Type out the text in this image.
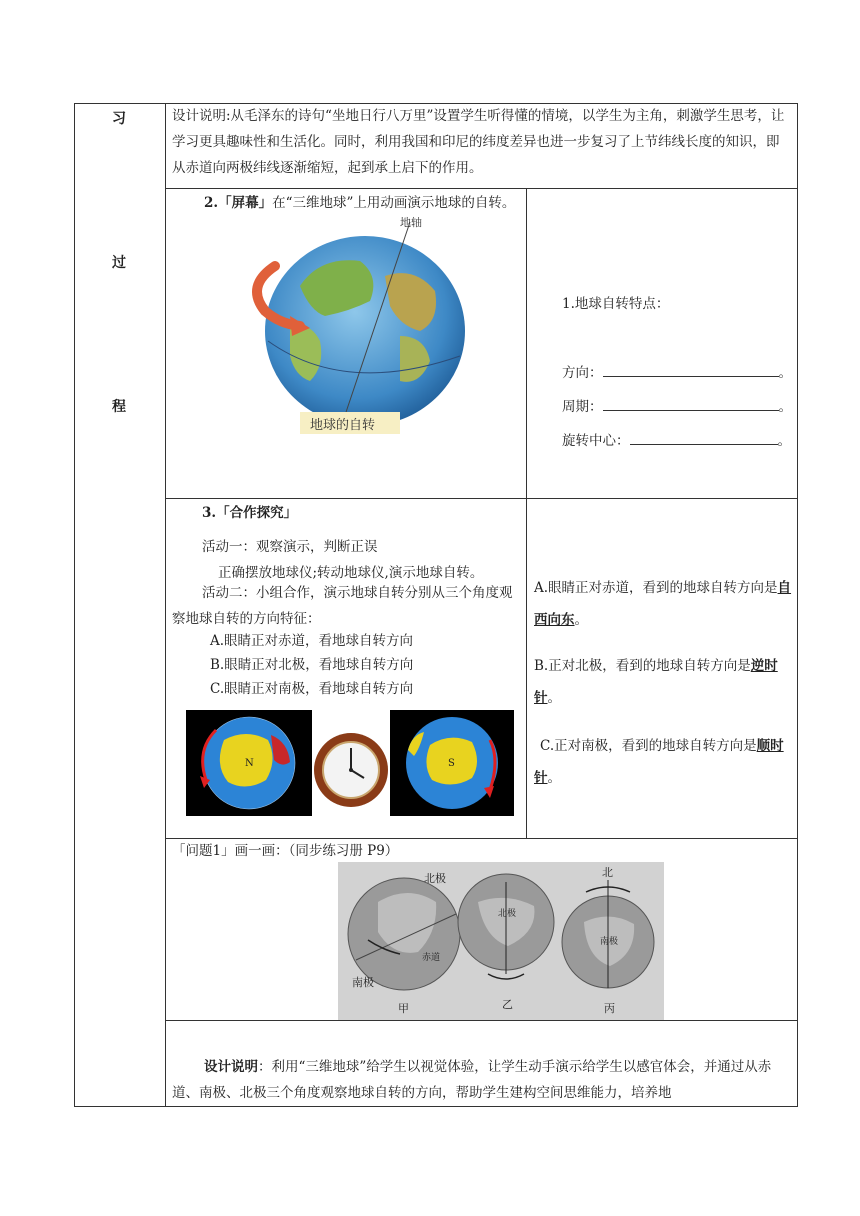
习
过
程
设计说明:从毛泽东的诗句“坐地日行八万里”设置学生听得懂的情境，以学生为主角，刺激学生思考，让学习更具趣味性和生活化。同时，利用我国和印尼的纬度差异也进一步复习了上节纬线长度的知识，即从赤道向两极纬线逐渐缩短，起到承上启下的作用。
2.「屏幕」在“三维地球”上用动画演示地球的自转。
地轴
地球的自转
1.地球自转特点：
方向：	。
周期：	。
旋转中心：	。
3.「合作探究」
活动一：观察演示，判断正误
正确摆放地球仪;转动地球仪,演示地球自转。
活动二：小组合作，演示地球自转分别从三个角度观察地球自转的方向特征：
A.眼睛正对赤道，看地球自转方向
B.眼睛正对北极，看地球自转方向
C.眼睛正对南极，看地球自转方向
N	S
A.眼睛正对赤道，看到的地球自转方向是自西向东。
B.正对北极，看到的地球自转方向是逆时针。
C.正对南极，看到的地球自转方向是顺时针。
「问题1」画一画：（同步练习册 P9）
北极
赤道
南极
甲
北极
乙
北
南极
丙
设计说明：利用“三维地球”给学生以视觉体验，让学生动手演示给学生以感官体会，并通过从赤道、南极、北极三个角度观察地球自转的方向，帮助学生建构空间思维能力，培养地
